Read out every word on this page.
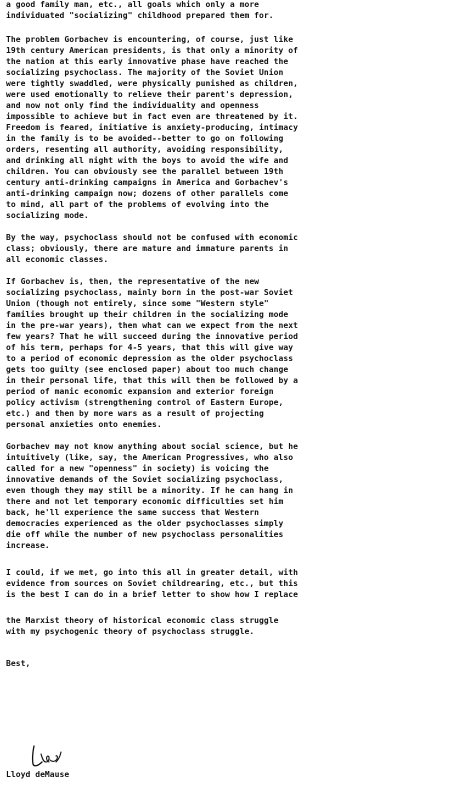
a good family man, etc., all goals which only a more
individuated "socializing" childhood prepared them for.
The problem Gorbachev is encountering, of course, just like
19th century American presidents, is that only a minority of
the nation at this early innovative phase have reached the
socializing psychoclass. The majority of the Soviet Union
were tightly swaddled, were physically punished as children,
were used emotionally to relieve their parent's depression,
and now not only find the individuality and openness
impossible to achieve but in fact even are threatened by it.
Freedom is feared, initiative is anxiety-producing, intimacy
in the family is to be avoided--better to go on following
orders, resenting all authority, avoiding responsibility,
and drinking all night with the boys to avoid the wife and
children. You can obviously see the parallel between 19th
century anti-drinking campaigns in America and Gorbachev's
anti-drinking campaign now; dozens of other parallels come
to mind, all part of the problems of evolving into the
socializing mode.
By the way, psychoclass should not be confused with economic
class; obviously, there are mature and immature parents in
all economic classes.
If Gorbachev is, then, the representative of the new
socializing psychoclass, mainly born in the post-war Soviet
Union (though not entirely, since some "Western style"
families brought up their children in the socializing mode
in the pre-war years), then what can we expect from the next
few years? That he will succeed during the innovative period
of his term, perhaps for 4-5 years, that this will give way
to a period of economic depression as the older psychoclass
gets too guilty (see enclosed paper) about too much change
in their personal life, that this will then be followed by a
period of manic economic expansion and exterior foreign
policy activism (strengthening control of Eastern Europe,
etc.) and then by more wars as a result of projecting
personal anxieties onto enemies.
Gorbachev may not know anything about social science, but he
intuitively (like, say, the American Progressives, who also
called for a new "openness" in society) is voicing the
innovative demands of the Soviet socializing psychoclass,
even though they may still be a minority. If he can hang in
there and not let temporary economic difficulties set him
back, he'll experience the same success that Western
democracies experienced as the older psychoclasses simply
die off while the number of new psychoclass personalities
increase.
I could, if we met, go into this all in greater detail, with
evidence from sources on Soviet childrearing, etc., but this
is the best I can do in a brief letter to show how I replace
the Marxist theory of historical economic class struggle
with my psychogenic theory of psychoclass struggle.
Best,
Lloyd deMause
